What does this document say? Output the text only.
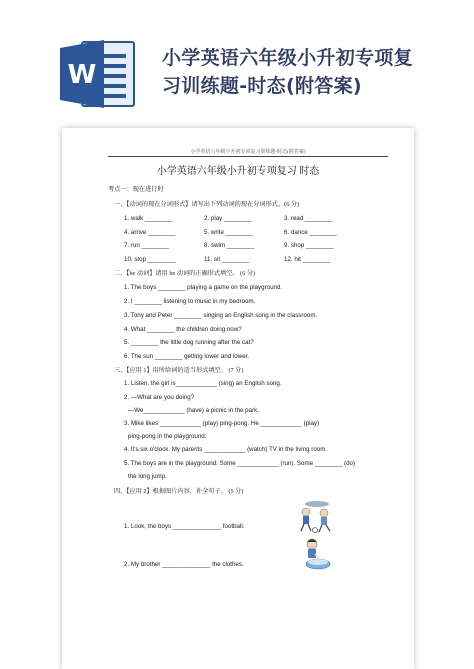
W
小学英语六年级小升初专项复
习训练题-时态(附答案)
小学英语六年级小升初专项复习训练题-时态(附答案)
小学英语六年级小升初专项复习 时态
考点一：现在进行时
一、【动词的现在分词形式】请写出下列动词的现在分词形式。(6 分)
1. walk ________	2. play ________	3. read ________
4. arrive ________	5. write ________	6. dance ________
7. run ________	8. swim ________	9. shop ________
10. stop ________	11. sit ________	12. hit ________
二、【be 动词】请用 be 动词的正确形式填空。 (6 分)
1. The boys ________ playing a game on the playground.
2. I ________ listening to music in my bedroom.
3. Tony and Peter ________ singing an English song in the classroom.
4. What ________ the children doing now?
5. ________ the little dog running after the cat?
6. The sun ________ getting lower and lower.
三、【应用 1】用所给词的适当形式填空。 (7 分)
1. Listen, the girl is____________ (sing) an English song.
2. —What are you doing?
—We____________ (have) a picnic in the park.
3. Mike likes ____________ (play) ping-pong. He ____________ (play)
ping-pong in the playground.
4. It's six o'clock. My parents ____________ (watch) TV in the living room.
5. The boys are in the playground. Some ____________ (run). Some ________ (do)
the long jump.
四、【应用 2】根据图片内容，补全句子。 (5 分)
1. Look, the boys ______________ football.
2. My brother ______________ the clothes.
